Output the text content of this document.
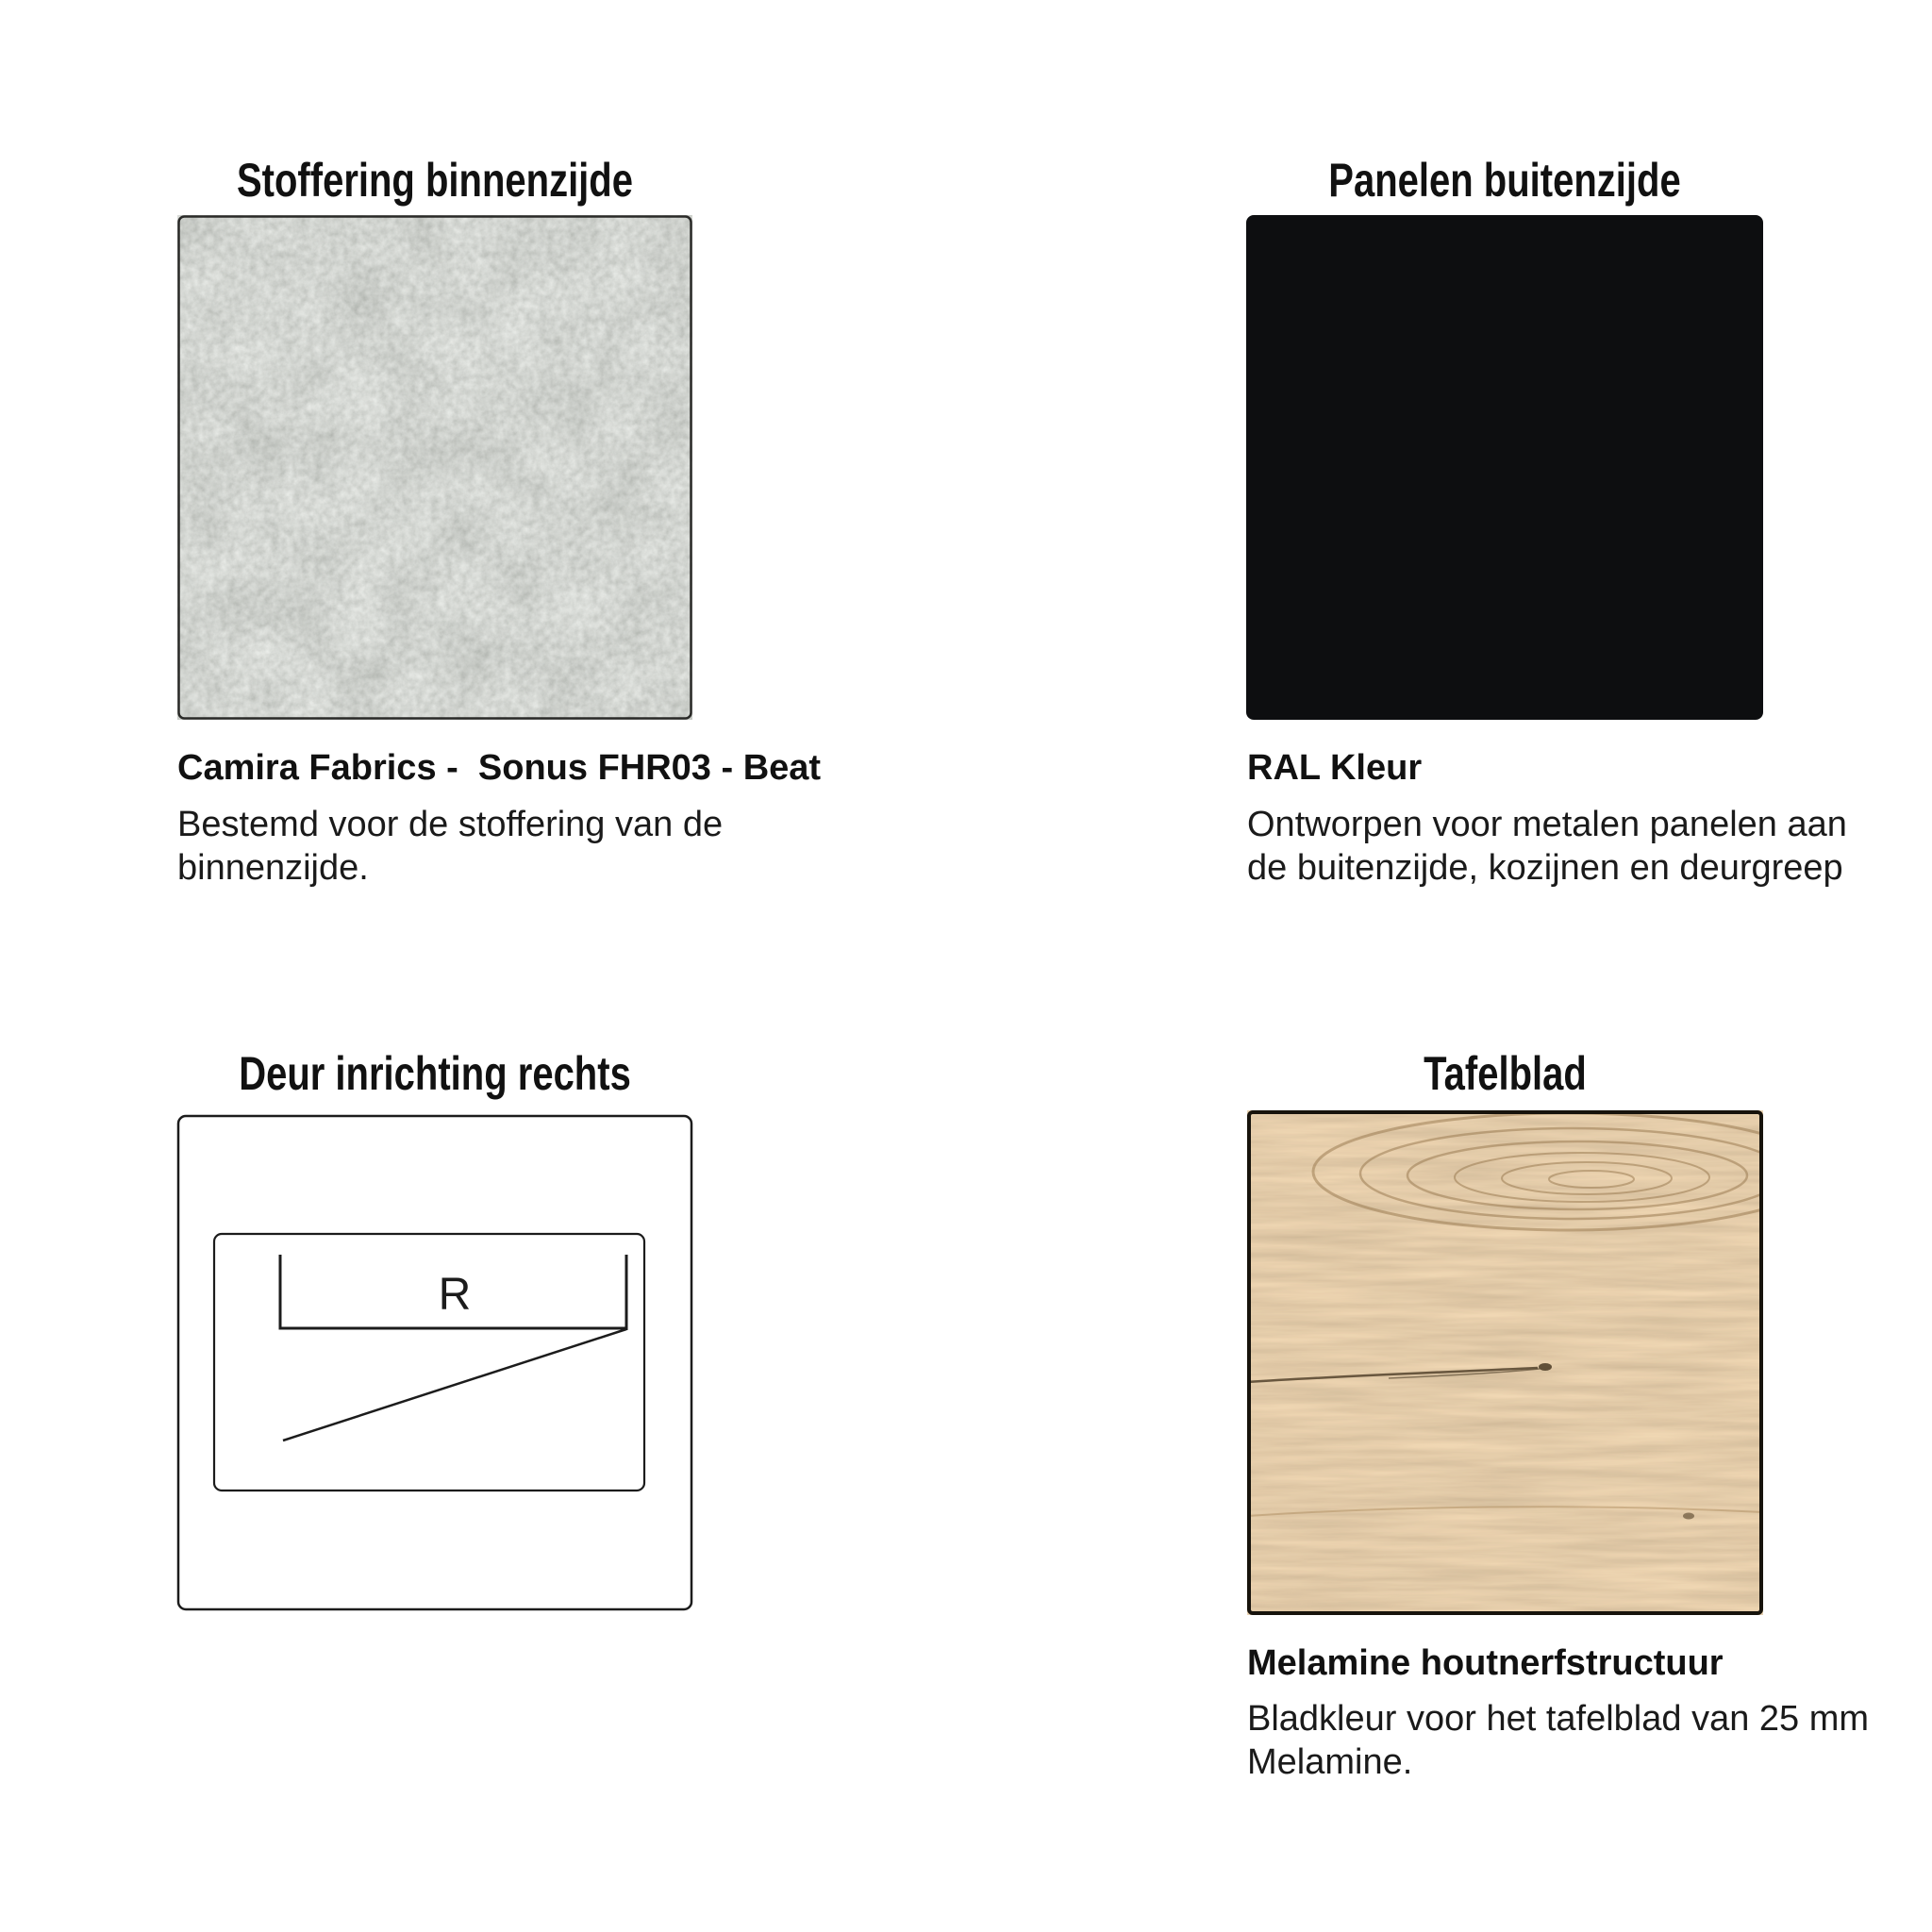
Stoffering binnenzijde
Camira Fabrics -  Sonus FHR03 - Beat
Bestemd voor de stoffering van de
binnenzijde.
Panelen buitenzijde
RAL Kleur
Ontworpen voor metalen panelen aan
de buitenzijde, kozijnen en deurgreep
Deur inrichting rechts
R
Tafelblad
Melamine houtnerfstructuur
Bladkleur voor het tafelblad van 25 mm
Melamine.
